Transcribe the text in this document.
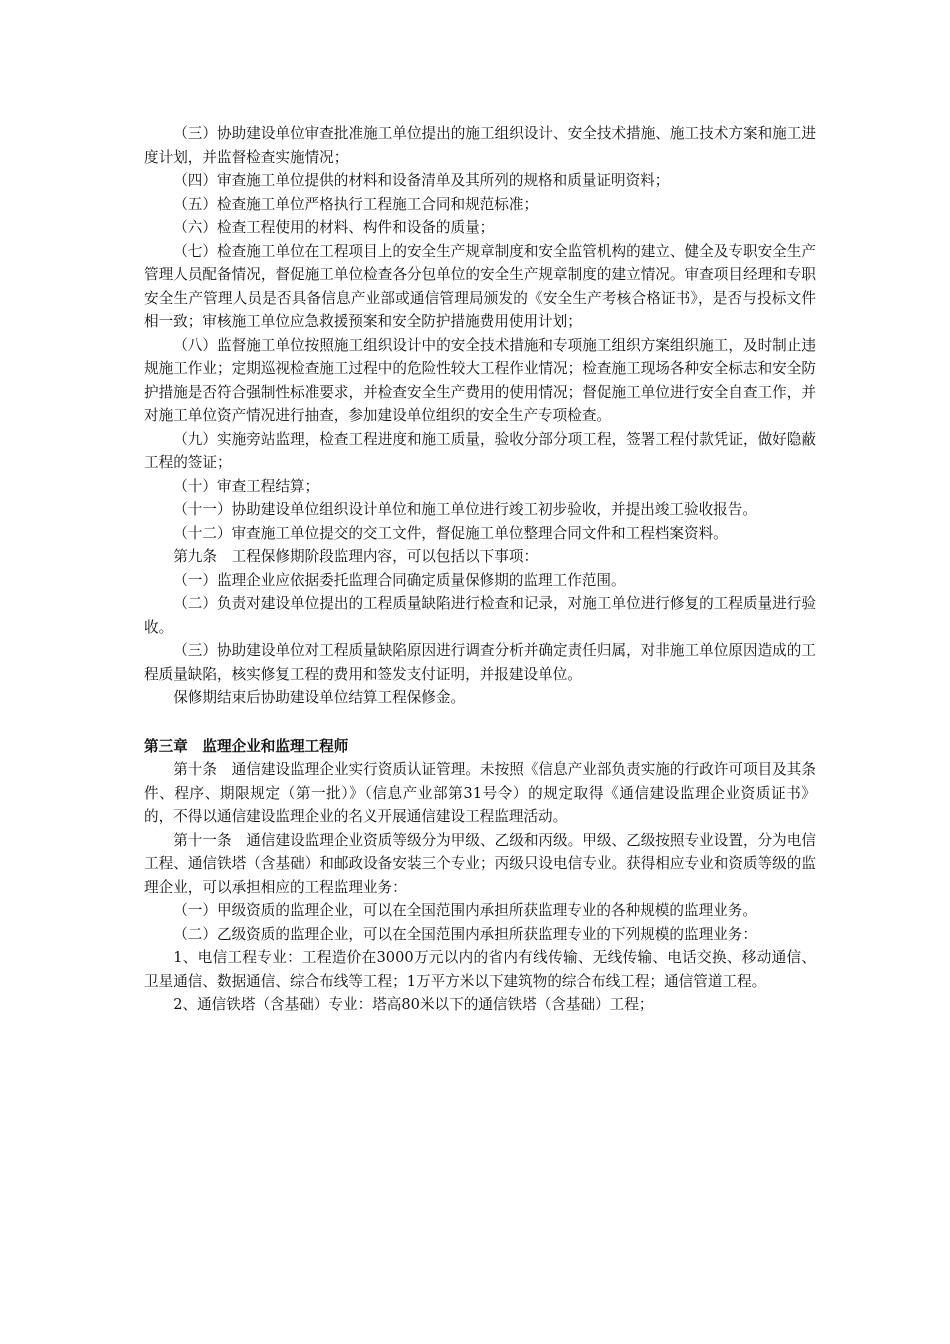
（三）协助建设单位审查批准施工单位提出的施工组织设计、安全技术措施、施工技术方案和施工进度计划，并监督检查实施情况；

（四）审查施工单位提供的材料和设备清单及其所列的规格和质量证明资料；

（五）检查施工单位严格执行工程施工合同和规范标准；

（六）检查工程使用的材料、构件和设备的质量；

（七）检查施工单位在工程项目上的安全生产规章制度和安全监管机构的建立、健全及专职安全生产管理人员配备情况，督促施工单位检查各分包单位的安全生产规章制度的建立情况。审查项目经理和专职安全生产管理人员是否具备信息产业部或通信管理局颁发的《安全生产考核合格证书》，是否与投标文件相一致；审核施工单位应急救援预案和安全防护措施费用使用计划；

（八）监督施工单位按照施工组织设计中的安全技术措施和专项施工组织方案组织施工，及时制止违规施工作业；定期巡视检查施工过程中的危险性较大工程作业情况；检查施工现场各种安全标志和安全防护措施是否符合强制性标准要求，并检查安全生产费用的使用情况；督促施工单位进行安全自查工作，并对施工单位资产情况进行抽查，参加建设单位组织的安全生产专项检查。

（九）实施旁站监理，检查工程进度和施工质量，验收分部分项工程，签署工程付款凭证，做好隐蔽工程的签证；

（十）审查工程结算；

（十一）协助建设单位组织设计单位和施工单位进行竣工初步验收，并提出竣工验收报告。

（十二）审查施工单位提交的交工文件，督促施工单位整理合同文件和工程档案资料。

第九条　工程保修期阶段监理内容，可以包括以下事项：

（一）监理企业应依据委托监理合同确定质量保修期的监理工作范围。

（二）负责对建设单位提出的工程质量缺陷进行检查和记录，对施工单位进行修复的工程质量进行验收。

（三）协助建设单位对工程质量缺陷原因进行调查分析并确定责任归属，对非施工单位原因造成的工程质量缺陷，核实修复工程的费用和签发支付证明，并报建设单位。

保修期结束后协助建设单位结算工程保修金。

第三章　监理企业和监理工程师

第十条　通信建设监理企业实行资质认证管理。未按照《信息产业部负责实施的行政许可项目及其条件、程序、期限规定（第一批）》（信息产业部第31号令）的规定取得《通信建设监理企业资质证书》的，不得以通信建设监理企业的名义开展通信建设工程监理活动。

第十一条　通信建设监理企业资质等级分为甲级、乙级和丙级。甲级、乙级按照专业设置，分为电信工程、通信铁塔（含基础）和邮政设备安装三个专业；丙级只设电信专业。获得相应专业和资质等级的监理企业，可以承担相应的工程监理业务：

（一）甲级资质的监理企业，可以在全国范围内承担所获监理专业的各种规模的监理业务。

（二）乙级资质的监理企业，可以在全国范围内承担所获监理专业的下列规模的监理业务：

1、电信工程专业：工程造价在3000万元以内的省内有线传输、无线传输、电话交换、移动通信、卫星通信、数据通信、综合布线等工程；1万平方米以下建筑物的综合布线工程；通信管道工程。

2、通信铁塔（含基础）专业：塔高80米以下的通信铁塔（含基础）工程；
